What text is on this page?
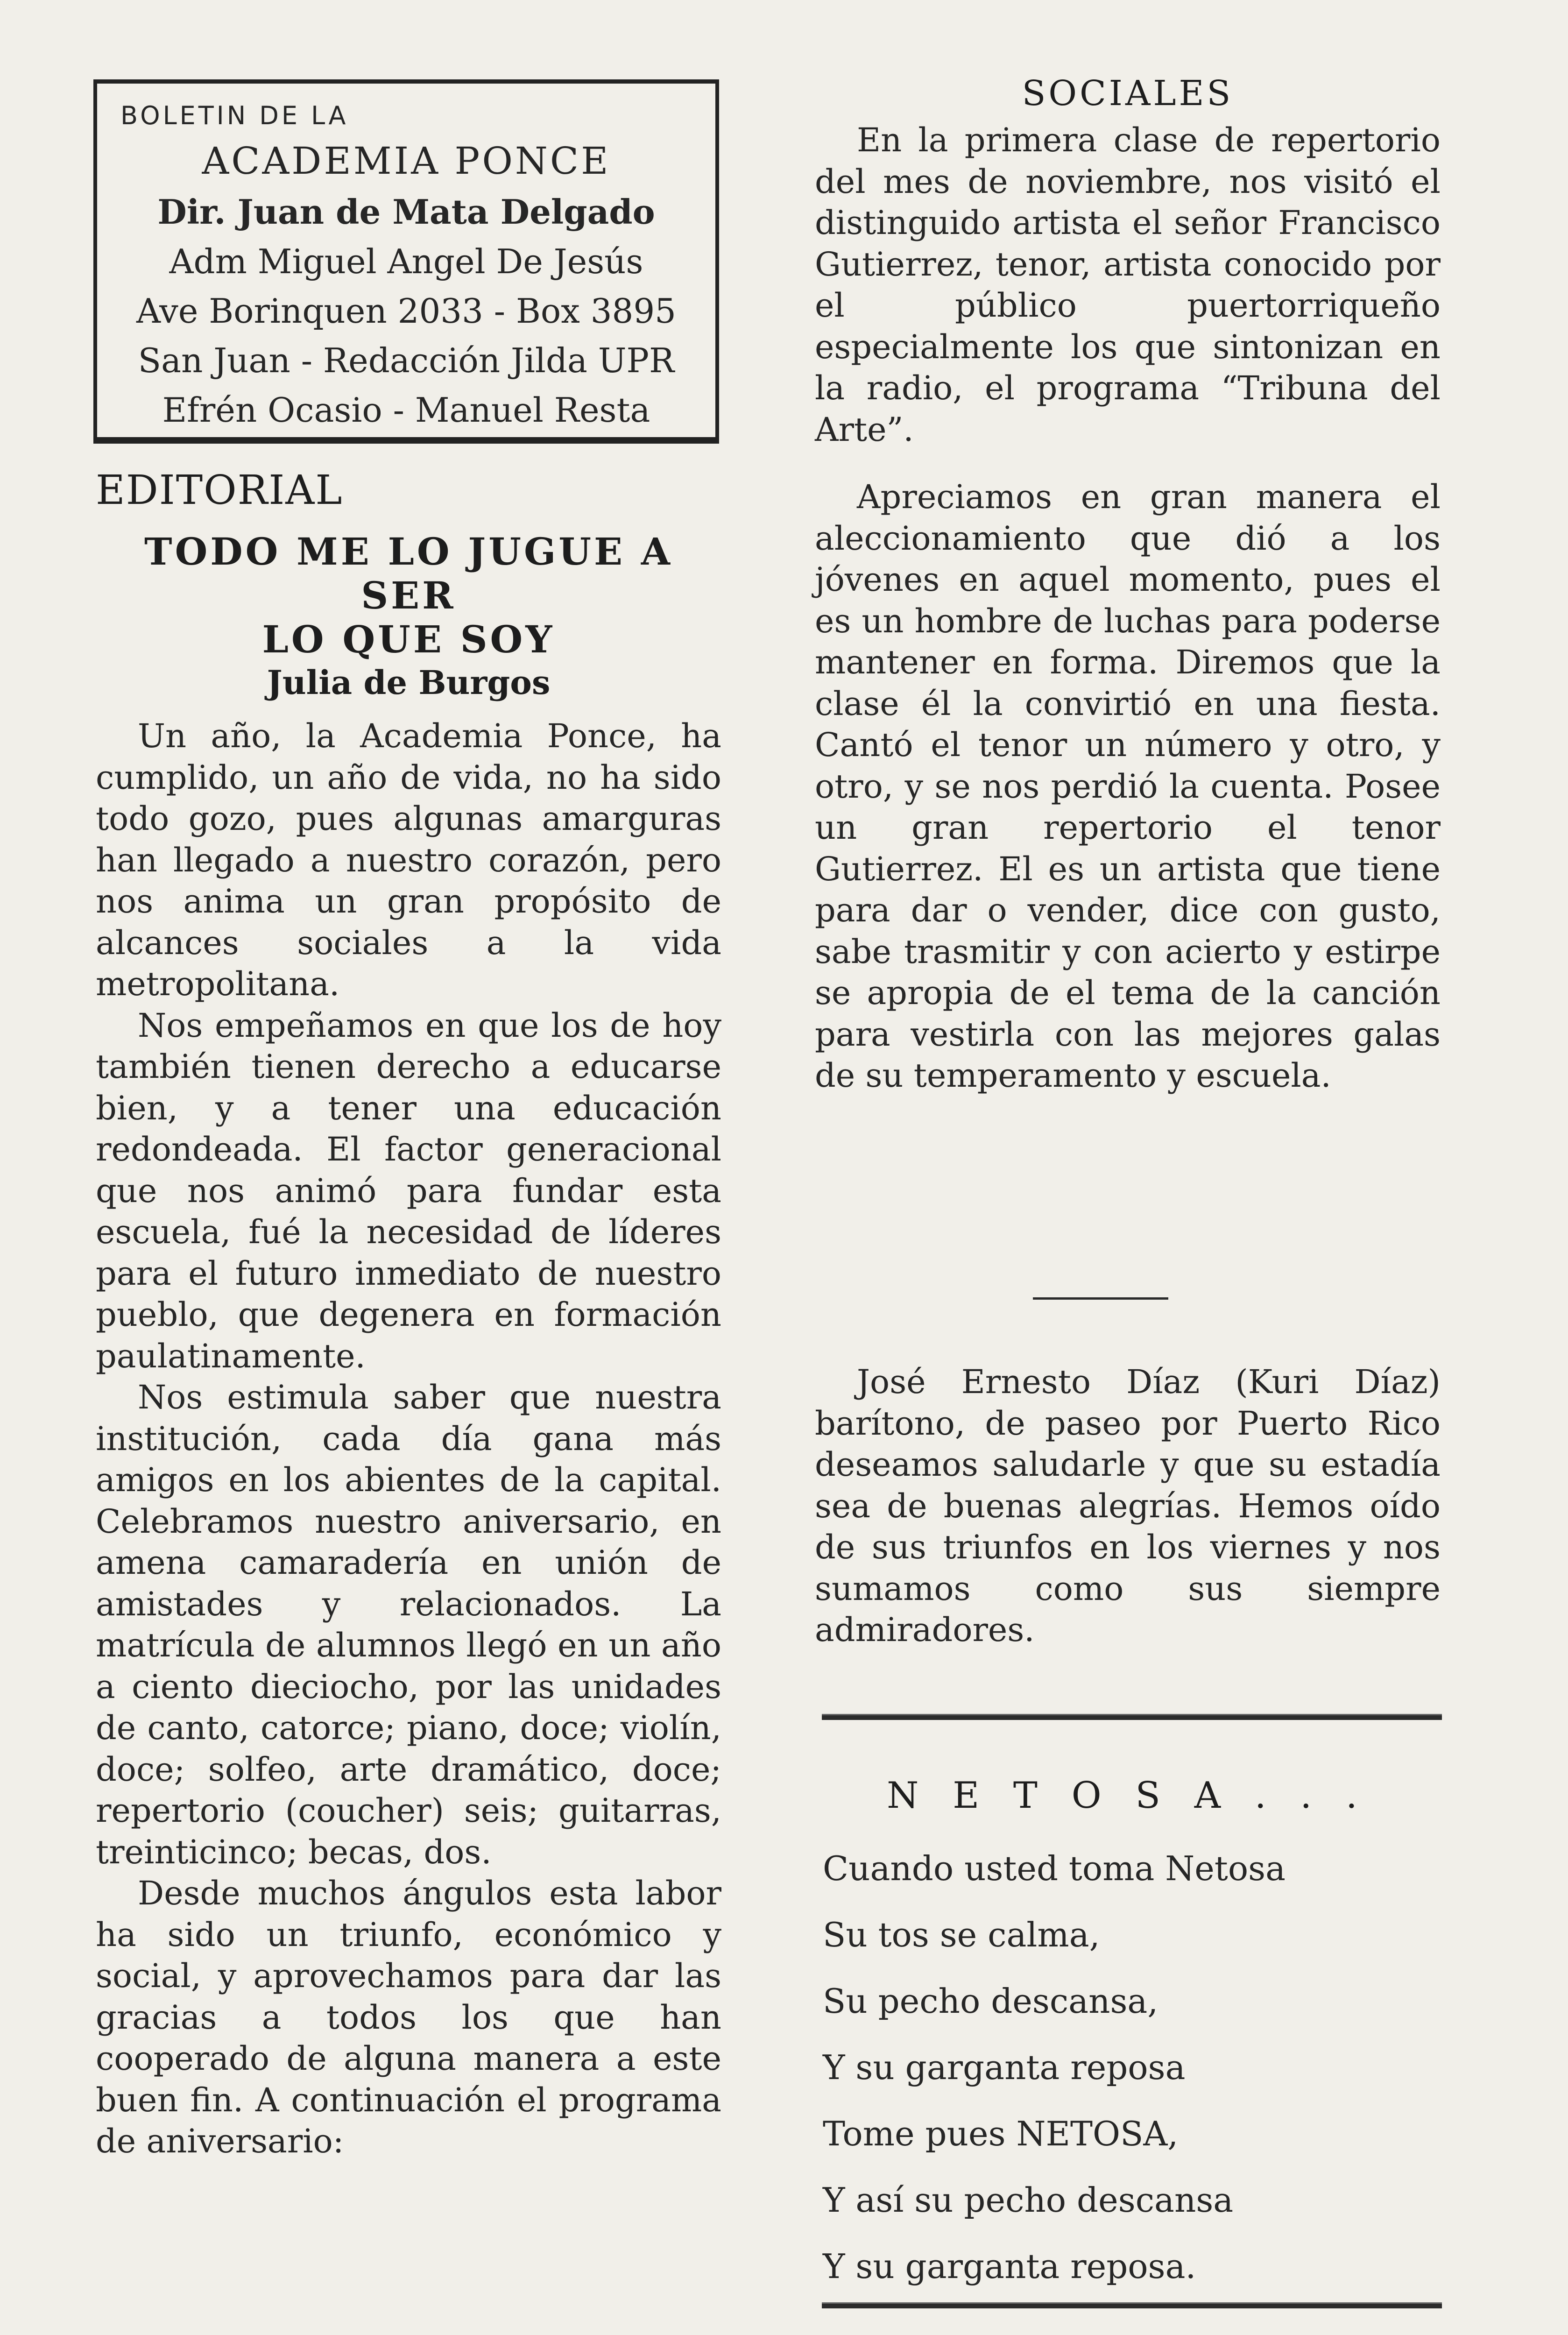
BOLETIN DE LA
ACADEMIA PONCE
Dir. Juan de Mata Delgado
Adm Miguel Angel De Jesús
Ave Borinquen 2033 - Box 3895
San Juan - Redacción Jilda UPR
Efrén Ocasio - Manuel Resta
EDITORIAL
TODO ME LO JUGUE A SER
LO QUE SOY
Julia de Burgos

Un año, la Academia Ponce, ha cumplido, un año de vida, no ha sido todo gozo, pues algunas amarguras han llegado a nuestro corazón, pero nos anima un gran propósito de alcances sociales a la vida metropolitana.

Nos empeñamos en que los de hoy también tienen derecho a educarse bien, y a tener una educación redondeada. El factor generacional que nos animó para fundar esta escuela, fué la necesidad de líderes para el futuro inmediato de nuestro pueblo, que degenera en formación paulatinamente.

Nos estimula saber que nuestra institución, cada día gana más amigos en los abientes de la capital. Celebramos nuestro aniversario, en amena camaradería en unión de amistades y relacionados. La matrícula de alumnos llegó en un año a ciento dieciocho, por las unidades de canto, catorce; piano, doce; violín, doce; solfeo, arte dramático, doce; repertorio (coucher) seis; guitarras, treinticinco; becas, dos.

Desde muchos ángulos esta labor ha sido un triunfo, económico y social, y aprovechamos para dar las gracias a todos los que han cooperado de alguna manera a este buen fin. A continuación el programa de aniversario:

SOCIALES

En la primera clase de repertorio del mes de noviembre, nos visitó el distinguido artista el señor Francisco Gutierrez, tenor, artista conocido por el público puertorriqueño especialmente los que sintonizan en la radio, el programa “Tribuna del Arte”.

Apreciamos en gran manera el aleccionamiento que dió a los jóvenes en aquel momento, pues el es un hombre de luchas para poderse mantener en forma. Diremos que la clase él la convirtió en una fiesta. Cantó el tenor un número y otro, y otro, y se nos perdió la cuenta. Posee un gran repertorio el tenor Gutierrez. El es un artista que tiene para dar o vender, dice con gusto, sabe trasmitir y con acierto y estirpe se apropia de el tema de la canción para vestirla con las mejores galas de su temperamento y escuela.

José Ernesto Díaz (Kuri Díaz) barítono, de paseo por Puerto Rico deseamos saludarle y que su estadía sea de buenas alegrías. Hemos oído de sus triunfos en los viernes y nos sumamos como sus siempre admiradores.

N E T O S A . . .
Cuando usted toma Netosa
Su tos se calma,
Su pecho descansa,
Y su garganta reposa
Tome pues NETOSA,
Y así su pecho descansa
Y su garganta reposa.
